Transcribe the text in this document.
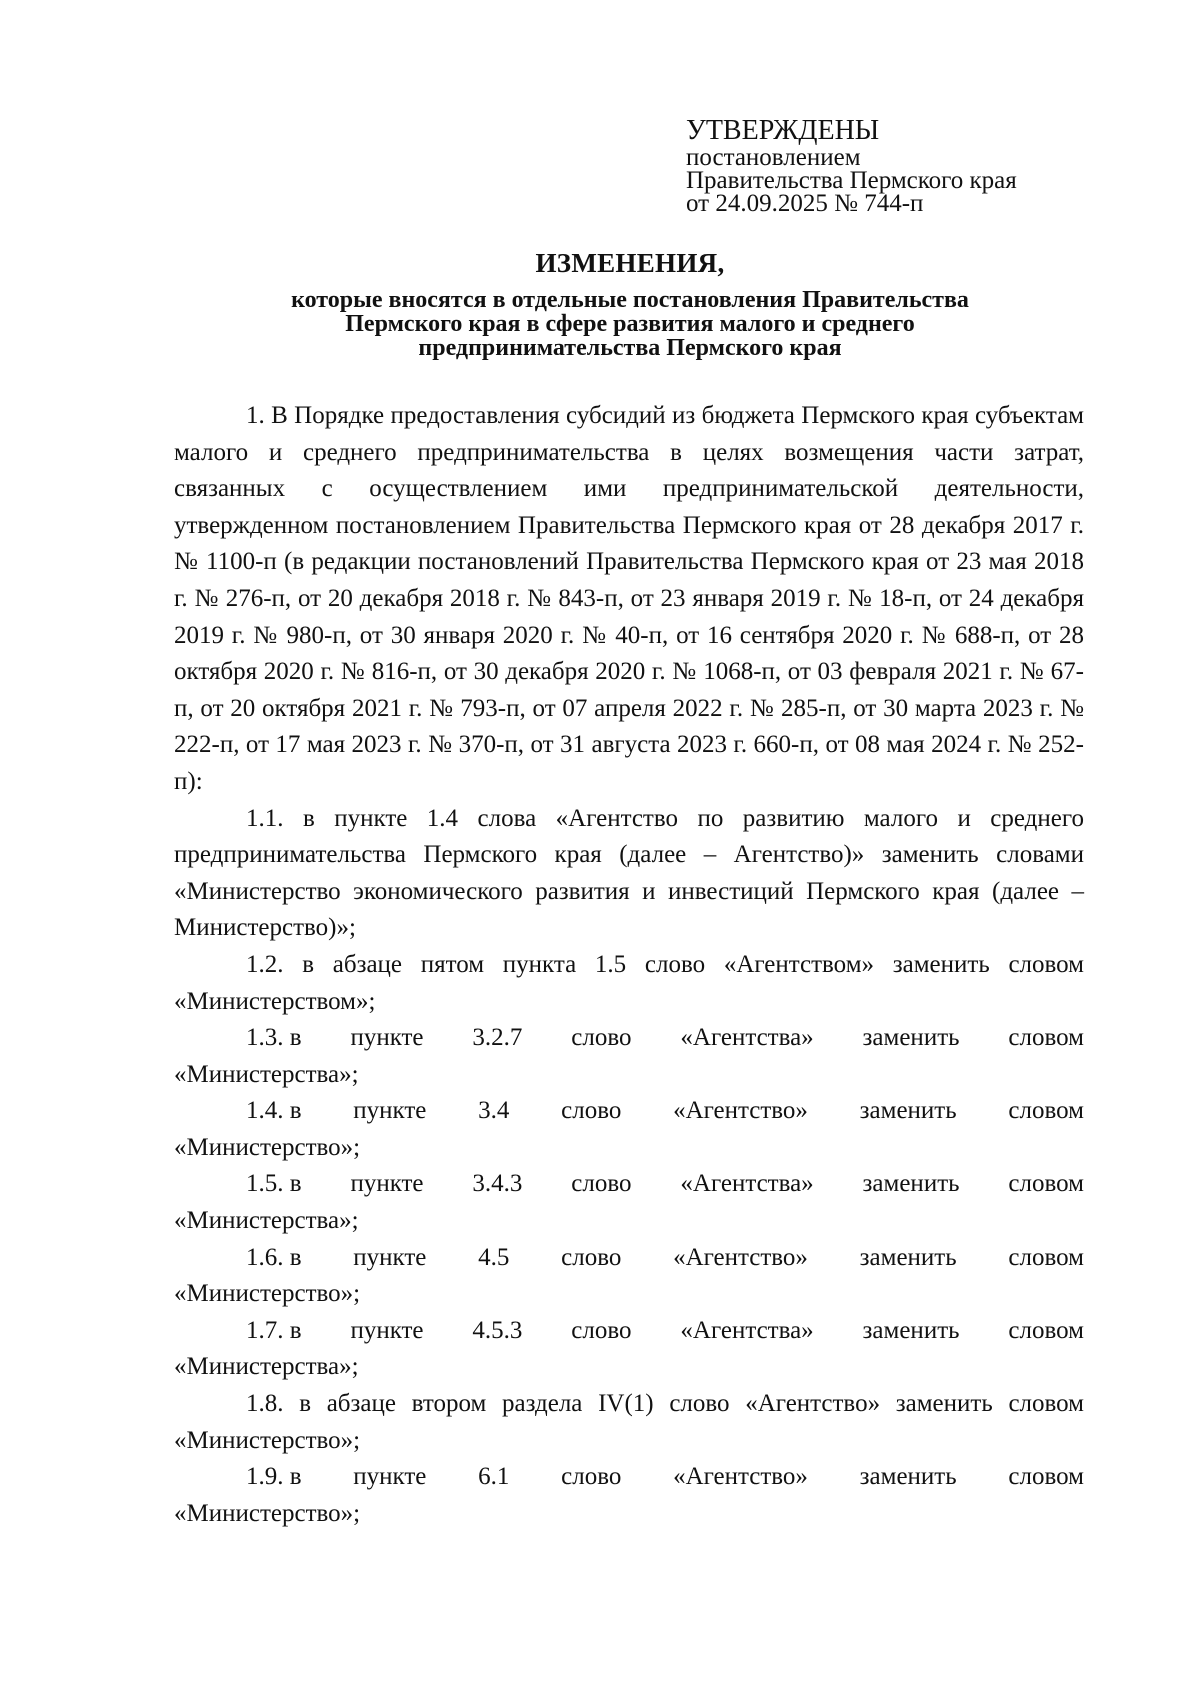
УТВЕРЖДЕНЫ
постановлением
Правительства Пермского края
от 24.09.2025 № 744-п
ИЗМЕНЕНИЯ,
которые вносятся в отдельные постановления Правительства
Пермского края в сфере развития малого и среднего
предпринимательства Пермского края

1. В Порядке предоставления субсидий из бюджета Пермского края субъектам малого и среднего предпринимательства в целях возмещения части затрат, связанных с осуществлением ими предпринимательской деятельности, утвержденном постановлением Правительства Пермского края от 28 декабря 2017 г. № 1100-п (в редакции постановлений Правительства Пермского края от 23 мая 2018 г. № 276-п, от 20 декабря 2018 г. № 843-п, от 23 января 2019 г. № 18-п, от 24 декабря 2019 г. № 980-п, от 30 января 2020 г. № 40-п, от 16 сентября 2020 г. № 688-п, от 28 октября 2020 г. № 816-п, от 30 декабря 2020 г. № 1068-п, от 03 февраля 2021 г. № 67-п, от 20 октября 2021 г. № 793-п, от 07 апреля 2022 г. № 285-п, от 30 марта 2023 г. № 222-п, от 17 мая 2023 г. № 370-п, от 31 августа 2023 г. 660-п, от 08 мая 2024 г. № 252-п):

1.1. в пункте 1.4 слова «Агентство по развитию малого и среднего предпринимательства Пермского края (далее – Агентство)» заменить словами «Министерство экономического развития и инвестиций Пермского края (далее – Министерство)»;

1.2. в абзаце пятом пункта 1.5 слово «Агентством» заменить словом «Министерством»;

1.3. в пункте 3.2.7 слово «Агентства» заменить словом
«Министерства»;
1.4. в пункте 3.4 слово «Агентство» заменить словом
«Министерство»;
1.5. в пункте 3.4.3 слово «Агентства» заменить словом
«Министерства»;
1.6. в пункте 4.5 слово «Агентство» заменить словом
«Министерство»;
1.7. в пункте 4.5.3 слово «Агентства» заменить словом
«Министерства»;

1.8. в абзаце втором раздела IV(1) слово «Агентство» заменить словом «Министерство»;

1.9. в пункте 6.1 слово «Агентство» заменить словом
«Министерство»;
